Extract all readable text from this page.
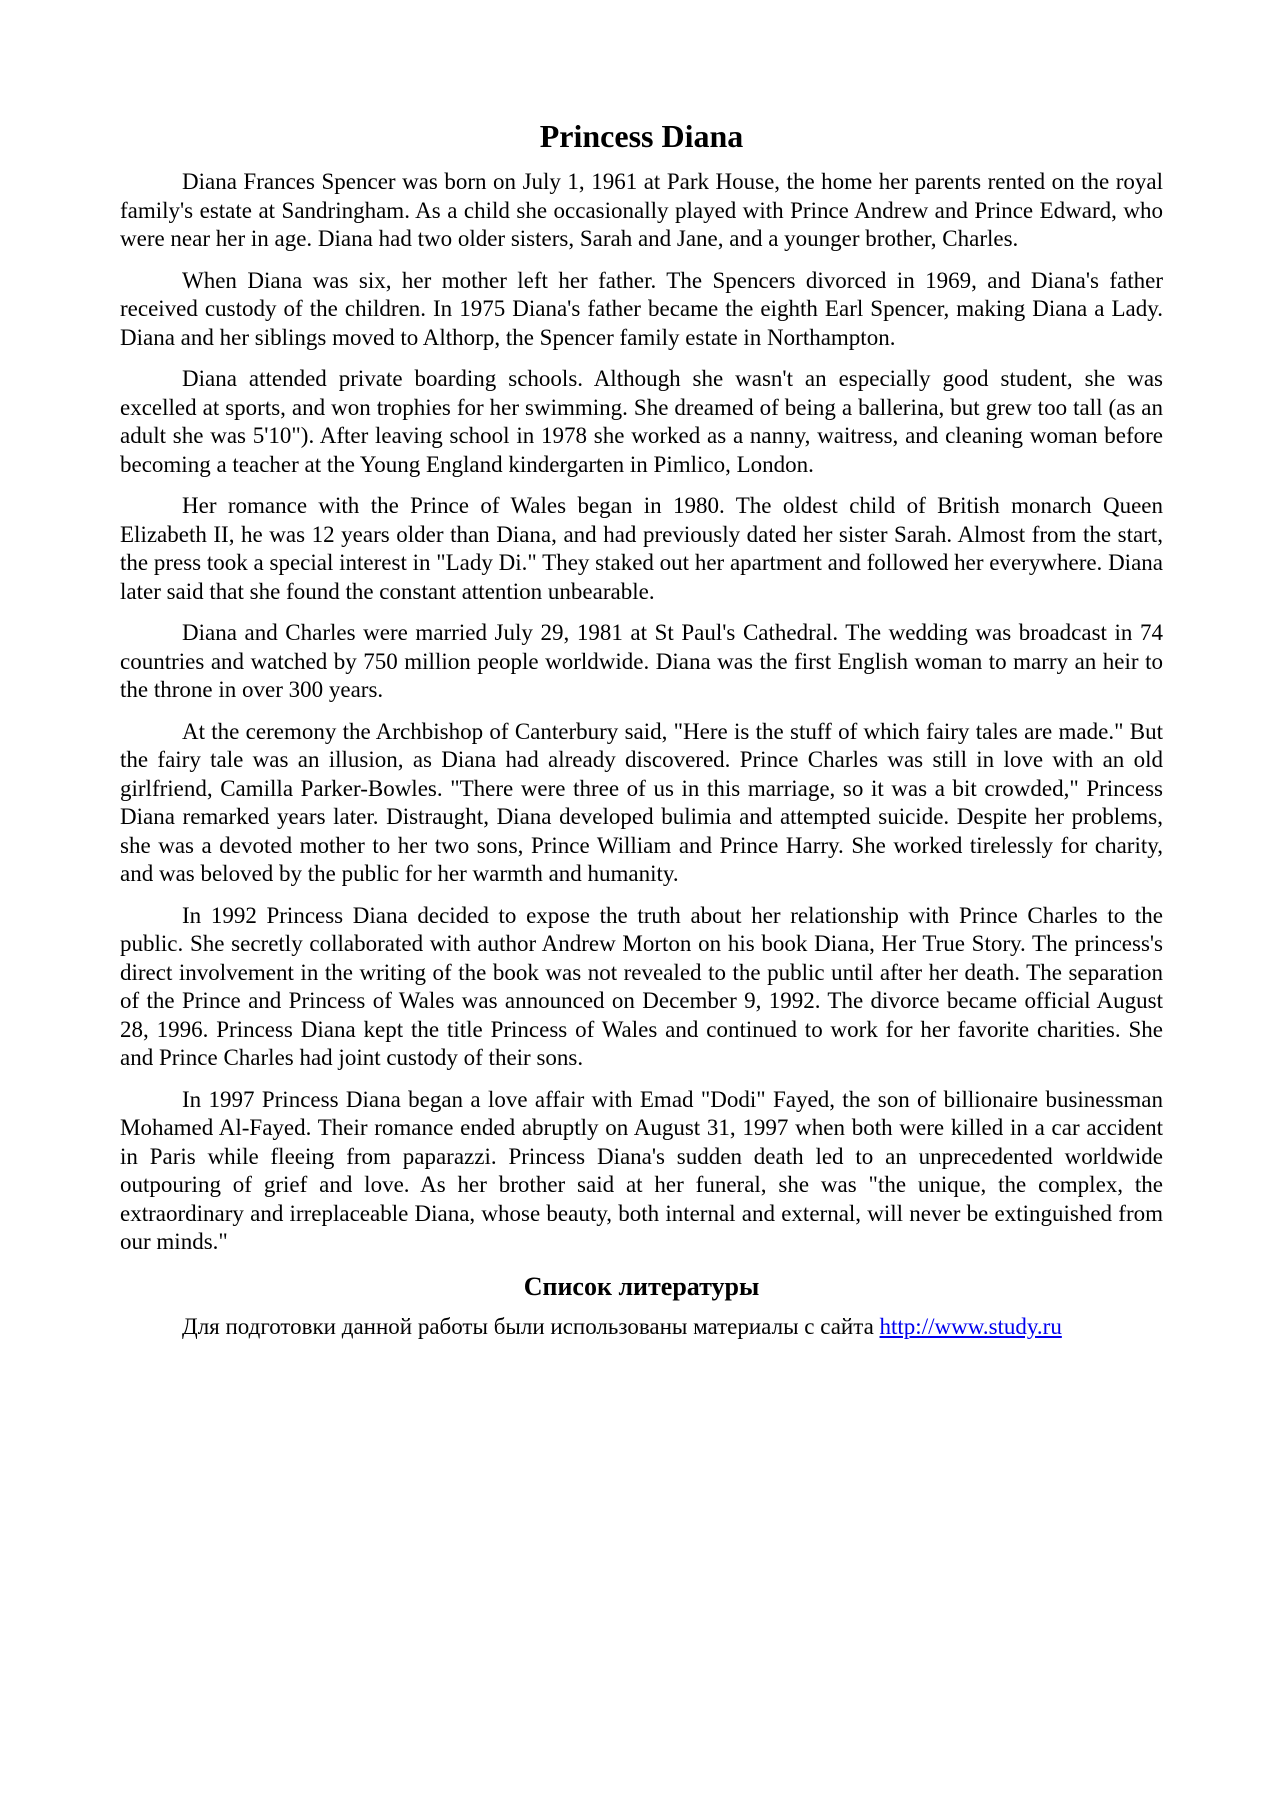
Princess Diana

Diana Frances Spencer was born on July 1, 1961 at Park House, the home her parents rented on the royal family's estate at Sandringham. As a child she occasionally played with Prince Andrew and Prince Edward, who were near her in age. Diana had two older sisters, Sarah and Jane, and a younger brother, Charles.

When Diana was six, her mother left her father. The Spencers divorced in 1969, and Diana's father received custody of the children. In 1975 Diana's father became the eighth Earl Spencer, making Diana a Lady. Diana and her siblings moved to Althorp, the Spencer family estate in Northampton.

Diana attended private boarding schools. Although she wasn't an especially good student, she was excelled at sports, and won trophies for her swimming. She dreamed of being a ballerina, but grew too tall (as an adult she was 5'10"). After leaving school in 1978 she worked as a nanny, waitress, and cleaning woman before becoming a teacher at the Young England kindergarten in Pimlico, London.

Her romance with the Prince of Wales began in 1980. The oldest child of British monarch Queen Elizabeth II, he was 12 years older than Diana, and had previously dated her sister Sarah. Almost from the start, the press took a special interest in "Lady Di." They staked out her apartment and followed her everywhere. Diana later said that she found the constant attention unbearable.

Diana and Charles were married July 29, 1981 at St Paul's Cathedral. The wedding was broadcast in 74 countries and watched by 750 million people worldwide. Diana was the first English woman to marry an heir to the throne in over 300 years.

At the ceremony the Archbishop of Canterbury said, "Here is the stuff of which fairy tales are made." But the fairy tale was an illusion, as Diana had already discovered. Prince Charles was still in love with an old girlfriend, Camilla Parker-Bowles. "There were three of us in this marriage, so it was a bit crowded," Princess Diana remarked years later. Distraught, Diana developed bulimia and attempted suicide. Despite her problems, she was a devoted mother to her two sons, Prince William and Prince Harry. She worked tirelessly for charity, and was beloved by the public for her warmth and humanity.

In 1992 Princess Diana decided to expose the truth about her relationship with Prince Charles to the public. She secretly collaborated with author Andrew Morton on his book Diana, Her True Story. The princess's direct involvement in the writing of the book was not revealed to the public until after her death. The separation of the Prince and Princess of Wales was announced on December 9, 1992. The divorce became official August 28, 1996. Princess Diana kept the title Princess of Wales and continued to work for her favorite charities. She and Prince Charles had joint custody of their sons.

In 1997 Princess Diana began a love affair with Emad "Dodi" Fayed, the son of billionaire businessman Mohamed Al-Fayed. Their romance ended abruptly on August 31, 1997 when both were killed in a car accident in Paris while fleeing from paparazzi. Princess Diana's sudden death led to an unprecedented worldwide outpouring of grief and love. As her brother said at her funeral, she was "the unique, the complex, the extraordinary and irreplaceable Diana, whose beauty, both internal and external, will never be extinguished from our minds."

Список литературы

Для подготовки данной работы были использованы материалы с сайта http://www.study.ru
